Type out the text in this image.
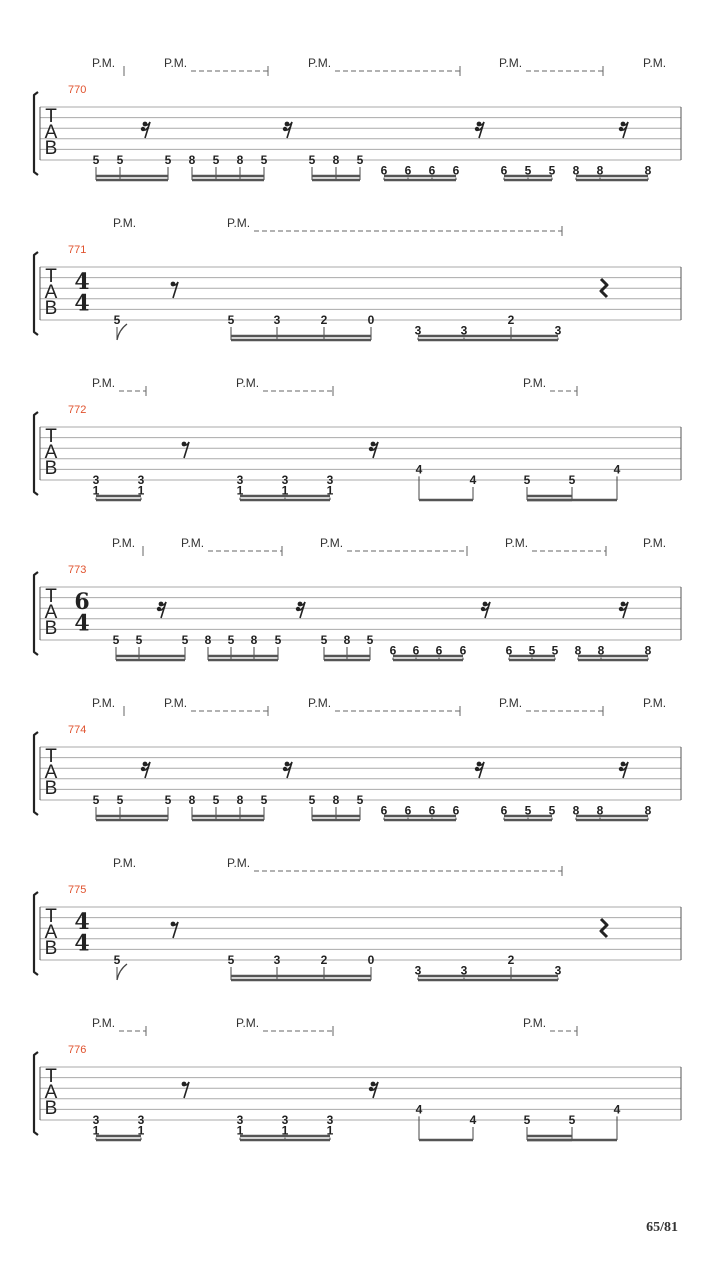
P.M.	P.M.	P.M.	P.M.	P.M.
770
T
A
B
5 5	5 8 5 8 5	5 8 5
6 6 6 6	6 5 5 8 8	8
P.M.	P.M.
771
T
A
B
4
4
5	5	3	2	0
3	3
2
3
P.M.	P.M.	P.M.
772
T
A
B
3
1
3
1
3
1
3
1
3
1
4
4	5	5
4
P.M.	P.M.	P.M.	P.M.	P.M.
773
T
A
B
6
4
5 5	5 8 5 8 5	5 8 5
6 6 6 6	6 5 5 8 8	8
P.M.	P.M.	P.M.	P.M.	P.M.
774
T
A
B
5 5	5 8 5 8 5	5 8 5
6 6 6 6	6 5 5 8 8	8
P.M.	P.M.
775
T
A
B
4
4
5	5	3	2	0
3	3
2
3
P.M.	P.M.	P.M.
776
T
A
B
3
1
3
1
3
1
3
1
3
1
4
4	5	5
4
65/81
